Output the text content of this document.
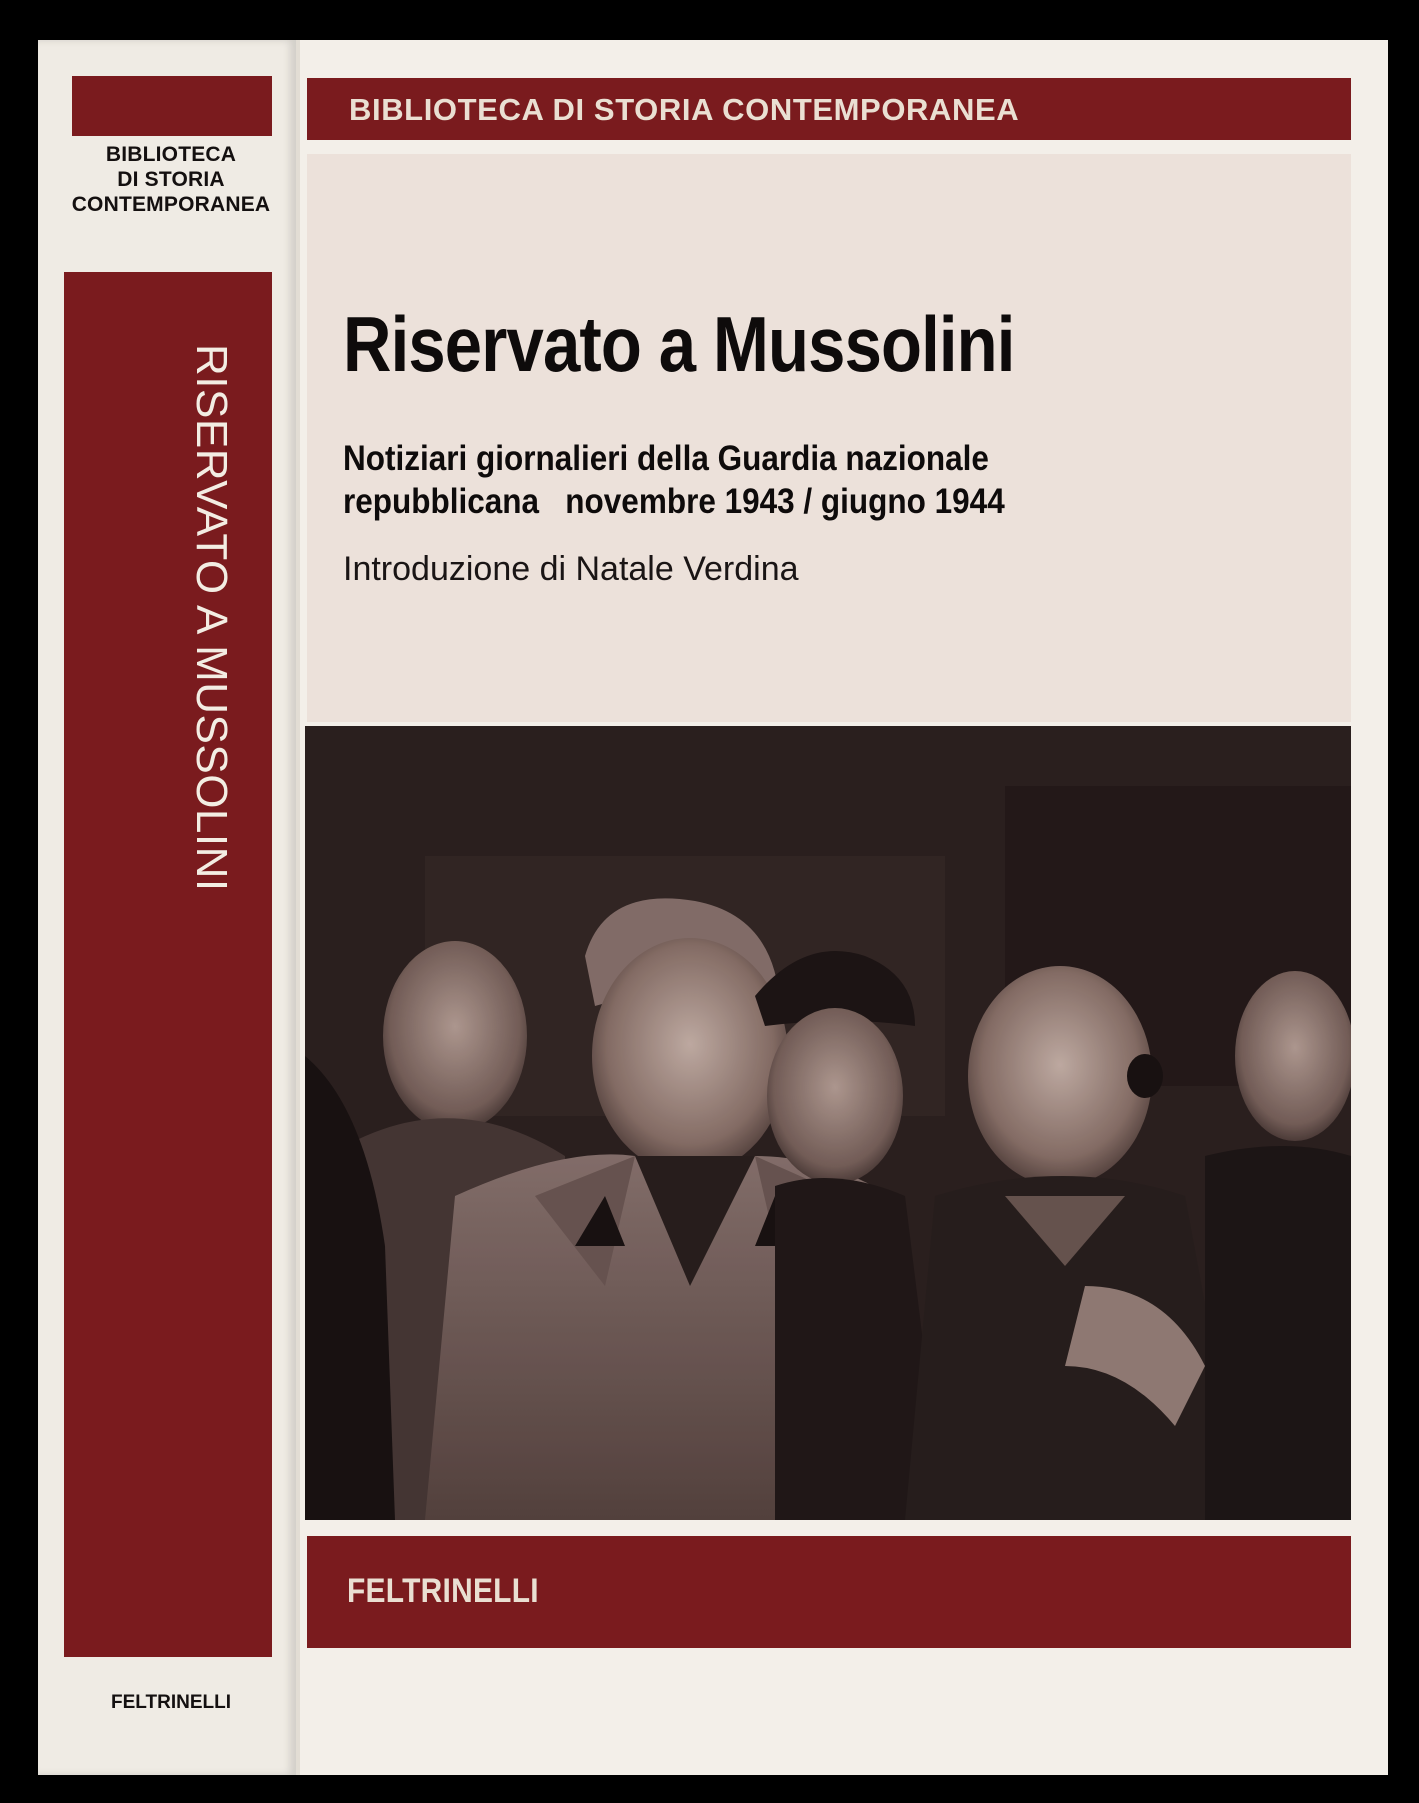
BIBLIOTECA
DI STORIA
CONTEMPORANEA
RISERVATO A MUSSOLINI
FELTRINELLI
BIBLIOTECA DI STORIA CONTEMPORANEA
Riservato a Mussolini
Notiziari giornalieri della Guardia nazionale
repubblicana   novembre 1943 / giugno 1944
Introduzione di Natale Verdina
FELTRINELLI
